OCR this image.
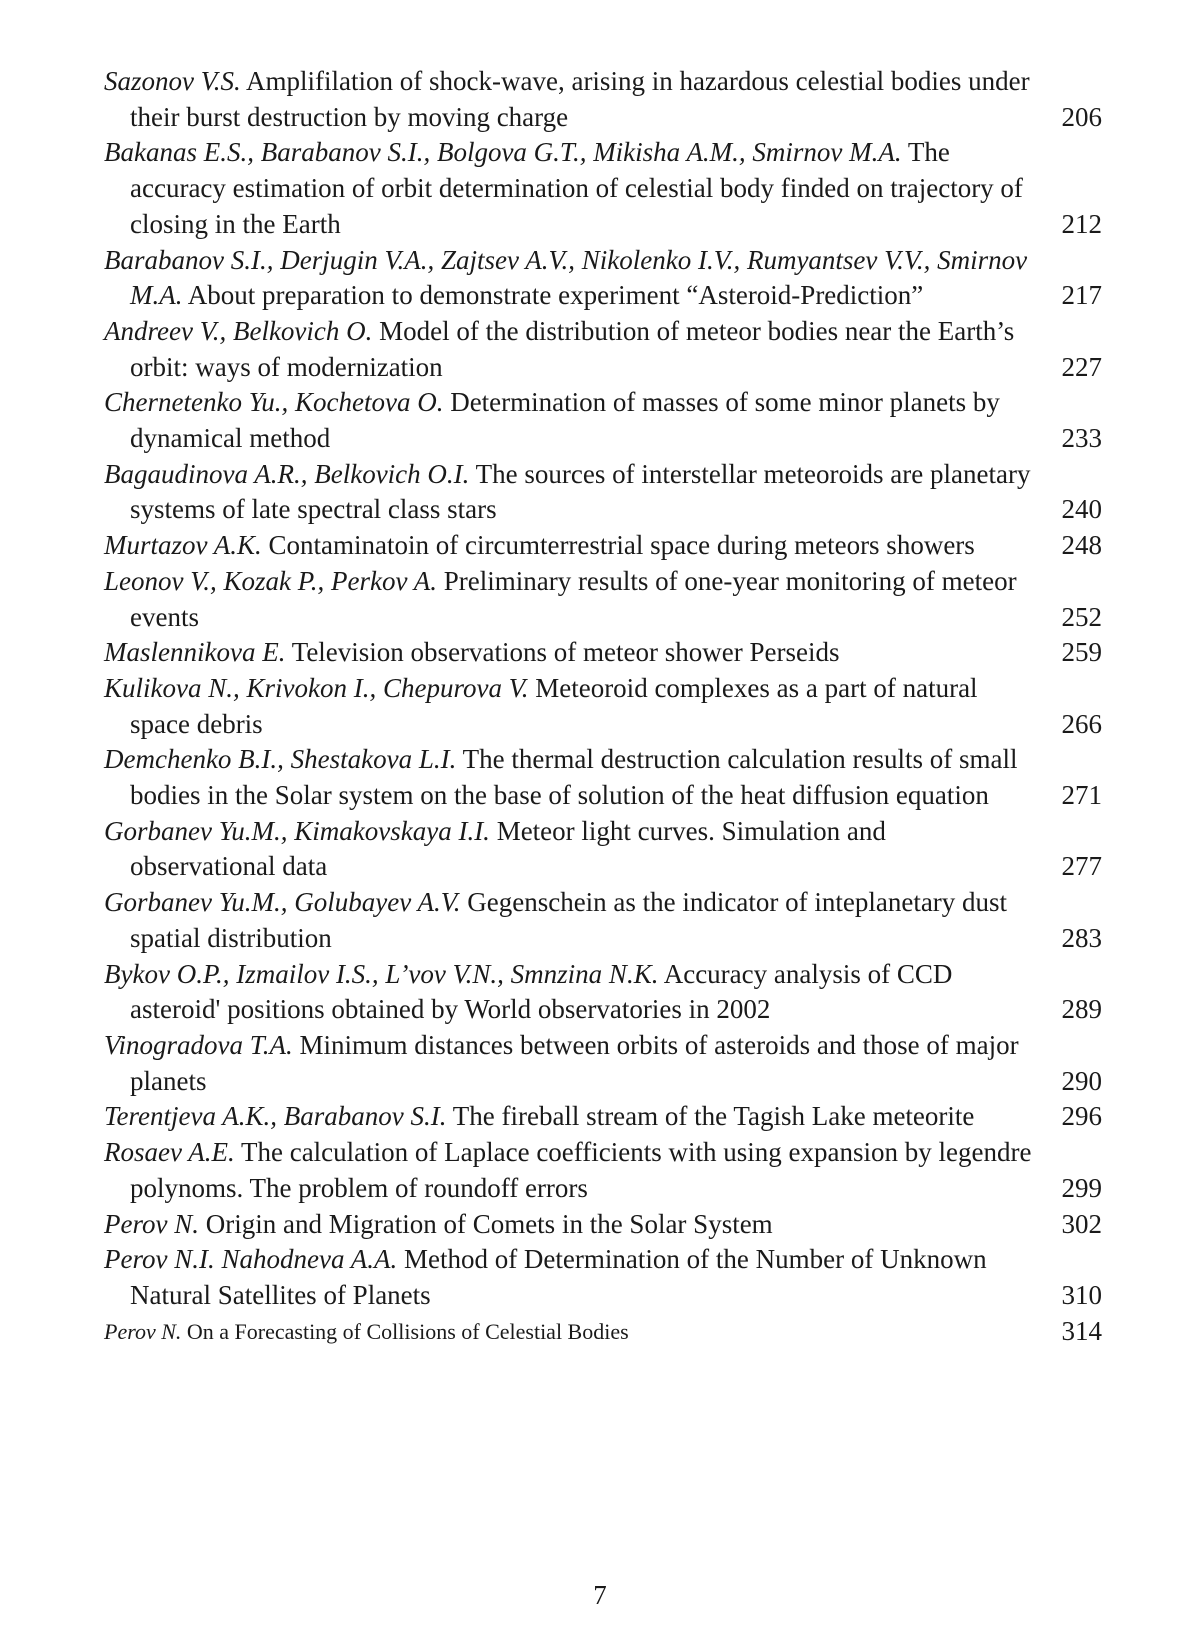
Sazonov V.S. Amplifilation of shock-wave, arising in hazardous celestial bodies under their burst destruction by moving charge	206
Bakanas E.S., Barabanov S.I., Bolgova G.T., Mikisha A.M., Smirnov M.A. The accuracy estimation of orbit determination of celestial body finded on trajectory of closing in the Earth	212
Barabanov S.I., Derjugin V.A., Zajtsev A.V., Nikolenko I.V., Rumyantsev V.V., Smirnov M.A. About preparation to demonstrate experiment “Asteroid-Prediction”	217
Andreev V., Belkovich O. Model of the distribution of meteor bodies near the Earth’s orbit: ways of modernization	227
Chernetenko Yu., Kochetova O. Determination of masses of some minor planets by dynamical method	233
Bagaudinova A.R., Belkovich O.I. The sources of interstellar meteoroids are planetary systems of late spectral class stars	240
Murtazov A.K. Contaminatoin of circumterrestrial space during meteors showers	248
Leonov V., Kozak P., Perkov A. Preliminary results of one-year monitoring of meteor events	252
Maslennikova E. Television observations of meteor shower Perseids	259
Kulikova N., Krivokon I., Chepurova V. Meteoroid complexes as a part of natural space debris	266
Demchenko B.I., Shestakova L.I. The thermal destruction calculation results of small bodies in the Solar system on the base of solution of the heat diffusion equation	271
Gorbanev Yu.M., Kimakovskaya I.I. Meteor light curves. Simulation and observational data	277
Gorbanev Yu.M., Golubayev A.V. Gegenschein as the indicator of inteplanetary dust spatial distribution	283
Bykov O.P., Izmailov I.S., L’vov V.N., Smnzina N.K. Accuracy analysis of CCD asteroid' positions obtained by World observatories in 2002	289
Vinogradova T.A. Minimum distances between orbits of asteroids and those of major planets	290
Terentjeva A.K., Barabanov S.I. The fireball stream of the Tagish Lake meteorite	296
Rosaev A.E. The calculation of Laplace coefficients with using expansion by legendre polynoms. The problem of roundoff errors	299
Perov N. Origin and Migration of Comets in the Solar System	302
Perov N.I. Nahodneva A.A. Method of Determination of the Number of Unknown Natural Satellites of Planets	310
Perov N. On a Forecasting of Collisions of Celestial Bodies	314
7
